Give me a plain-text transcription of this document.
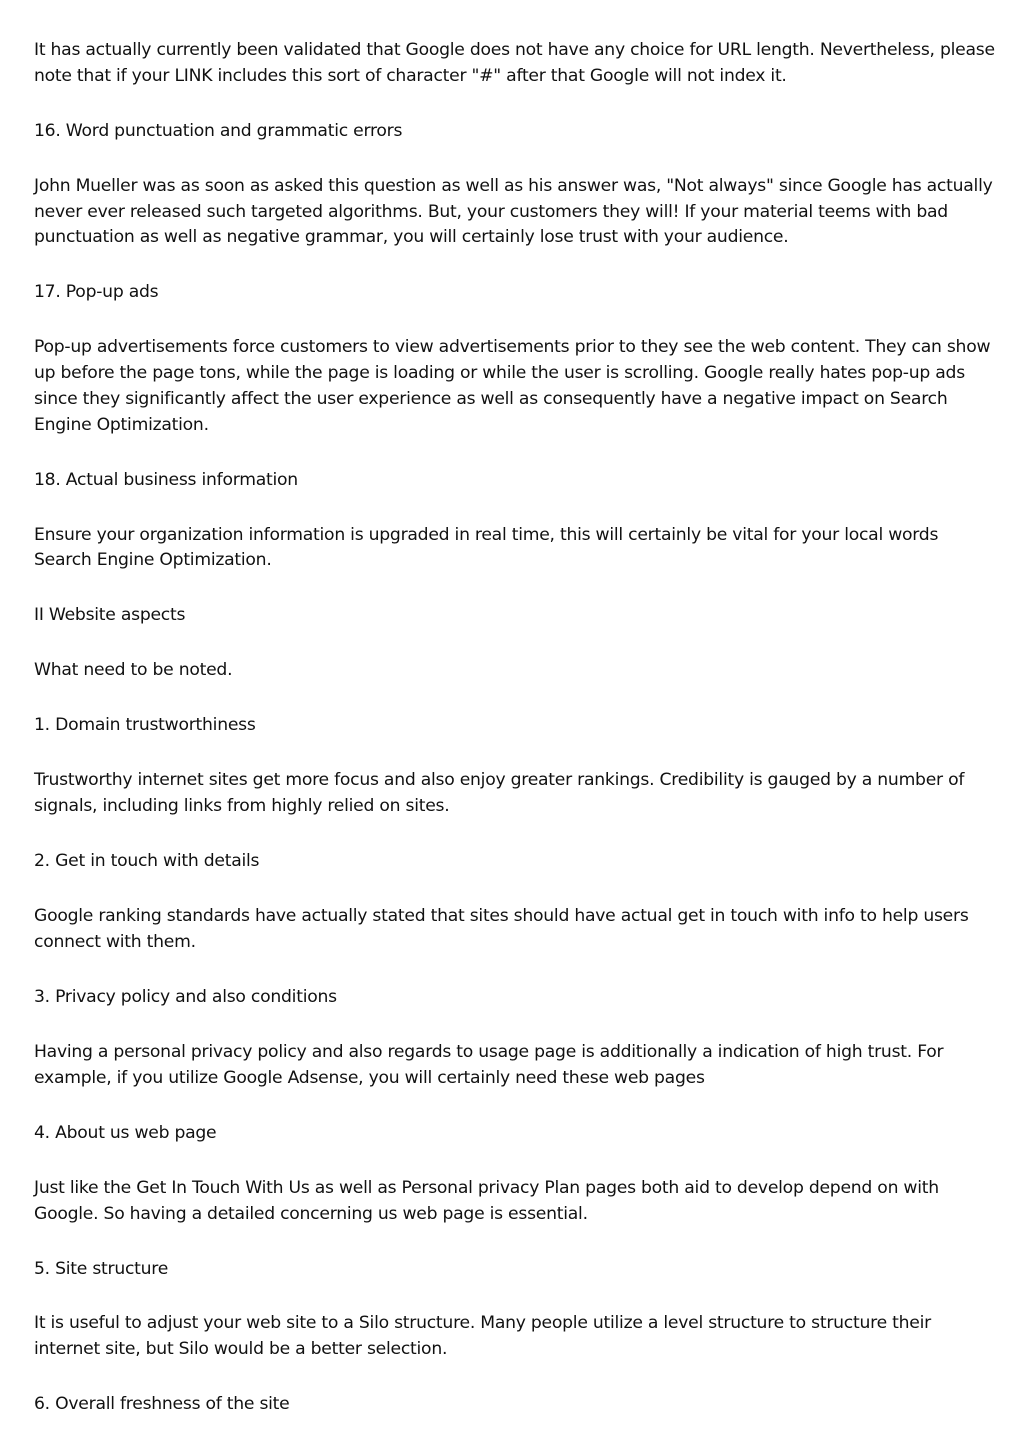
It has actually currently been validated that Google does not have any choice for URL length. Nevertheless, please note that if your LINK includes this sort of character "#" after that Google will not index it.

16. Word punctuation and grammatic errors

John Mueller was as soon as asked this question as well as his answer was, "Not always" since Google has actually never ever released such targeted algorithms. But, your customers they will! If your material teems with bad punctuation as well as negative grammar, you will certainly lose trust with your audience.

17. Pop-up ads

Pop-up advertisements force customers to view advertisements prior to they see the web content. They can show up before the page tons, while the page is loading or while the user is scrolling. Google really hates pop-up ads since they significantly affect the user experience as well as consequently have a negative impact on Search Engine Optimization.

18. Actual business information

Ensure your organization information is upgraded in real time, this will certainly be vital for your local words Search Engine Optimization.

II Website aspects

What need to be noted.

1. Domain trustworthiness

Trustworthy internet sites get more focus and also enjoy greater rankings. Credibility is gauged by a number of signals, including links from highly relied on sites.

2. Get in touch with details

Google ranking standards have actually stated that sites should have actual get in touch with info to help users connect with them.

3. Privacy policy and also conditions

Having a personal privacy policy and also regards to usage page is additionally a indication of high trust. For example, if you utilize Google Adsense, you will certainly need these web pages

4. About us web page

Just like the Get In Touch With Us as well as Personal privacy Plan pages both aid to develop depend on with Google. So having a detailed concerning us web page is essential.

5. Site structure

It is useful to adjust your web site to a Silo structure. Many people utilize a level structure to structure their internet site, but Silo would be a better selection.

6. Overall freshness of the site
